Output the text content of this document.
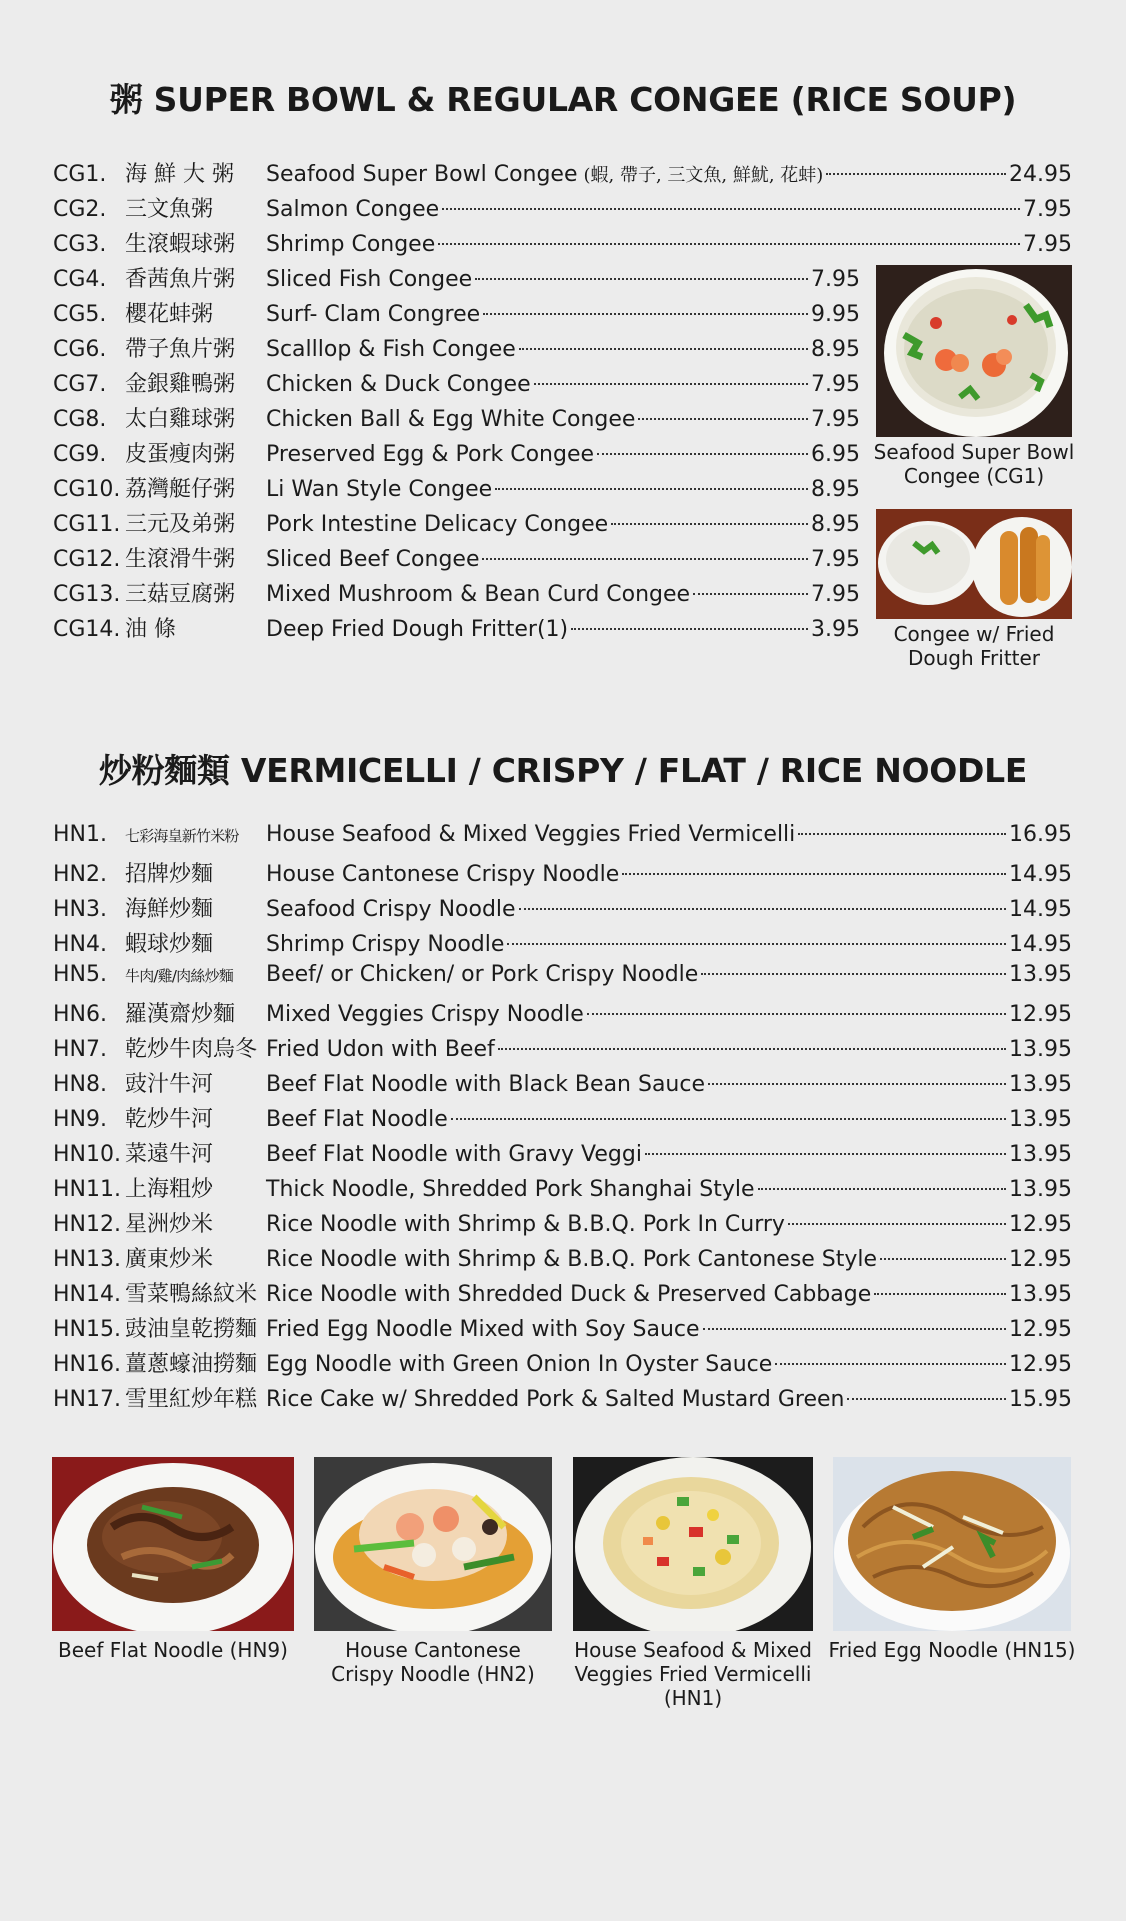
粥 SUPER BOWL & REGULAR CONGEE (RICE SOUP)
CG1. 海 鮮 大 粥	Seafood Super Bowl Congee (蝦, 帶子, 三文魚, 鮮魷, 花蚌)	24.95
CG2. 三文魚粥	Salmon Congee	7.95
CG3. 生滾蝦球粥	Shrimp Congee	7.95
CG4. 香茜魚片粥	Sliced Fish Congee	7.95
CG5. 櫻花蚌粥	Surf- Clam Congree	9.95
CG6. 帶子魚片粥	Scalllop & Fish Congee	8.95
CG7. 金銀雞鴨粥	Chicken & Duck Congee	7.95
CG8. 太白雞球粥	Chicken Ball & Egg White Congee	7.95
CG9. 皮蛋瘦肉粥	Preserved Egg & Pork Congee	6.95
CG10. 荔灣艇仔粥	Li Wan Style Congee	8.95
CG11. 三元及弟粥	Pork Intestine Delicacy Congee	8.95
CG12. 生滾滑牛粥	Sliced Beef Congee	7.95
CG13. 三菇豆腐粥	Mixed Mushroom & Bean Curd Congee	7.95
CG14. 油 條	Deep Fried Dough Fritter(1)	3.95
Seafood Super Bowl Congee (CG1)
Congee w/ Fried Dough Fritter
炒粉麵類 VERMICELLI / CRISPY / FLAT / RICE NOODLE
HN1.	七彩海皇新竹米粉	House Seafood & Mixed Veggies Fried Vermicelli	16.95
HN2. 招牌炒麵	House Cantonese Crispy Noodle	14.95
HN3. 海鮮炒麵	Seafood Crispy Noodle	14.95
HN4. 蝦球炒麵	Shrimp Crispy Noodle	14.95
HN5.	牛肉/雞/肉絲炒麵	Beef/ or Chicken/ or Pork Crispy Noodle	13.95
HN6. 羅漢齋炒麵	Mixed Veggies Crispy Noodle	12.95
HN7. 乾炒牛肉烏冬 Fried Udon with Beef	13.95
HN8. 豉汁牛河	Beef Flat Noodle with Black Bean Sauce	13.95
HN9. 乾炒牛河	Beef Flat Noodle	13.95
HN10. 菜遠牛河	Beef Flat Noodle with Gravy Veggi	13.95
HN11. 上海粗炒	Thick Noodle, Shredded Pork Shanghai Style	13.95
HN12. 星洲炒米	Rice Noodle with Shrimp & B.B.Q. Pork In Curry	12.95
HN13. 廣東炒米	Rice Noodle with Shrimp & B.B.Q. Pork Cantonese Style	12.95
HN14. 雪菜鴨絲紋米 Rice Noodle with Shredded Duck & Preserved Cabbage	13.95
HN15. 豉油皇乾撈麵 Fried Egg Noodle Mixed with Soy Sauce	12.95
HN16. 薑蔥蠔油撈麵 Egg Noodle with Green Onion In Oyster Sauce	12.95
HN17. 雪里紅炒年糕 Rice Cake w/ Shredded Pork & Salted Mustard Green	15.95
Beef Flat Noodle (HN9)	House Cantonese Crispy Noodle (HN2)
House Seafood & Mixed Veggies Fried Vermicelli (HN1)
Fried Egg Noodle (HN15)
